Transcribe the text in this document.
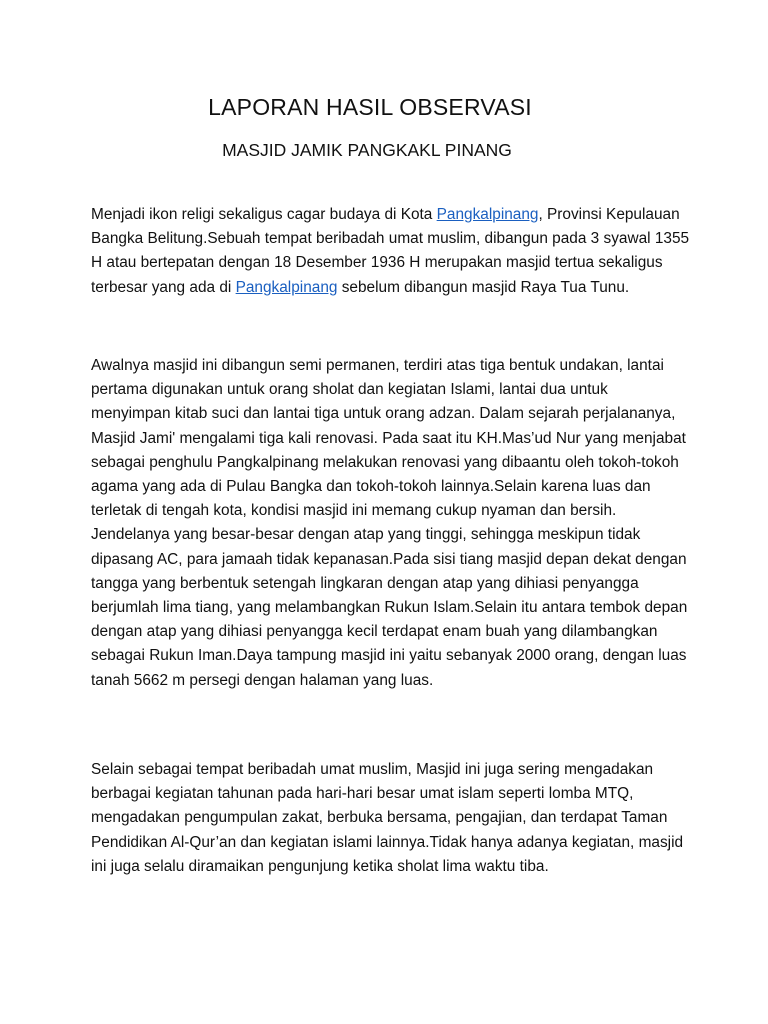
LAPORAN HASIL OBSERVASI
MASJID JAMIK PANGKAKL PINANG

Menjadi ikon religi sekaligus cagar budaya di Kota Pangkalpinang, Provinsi Kepulauan Bangka Belitung.Sebuah tempat beribadah umat muslim, dibangun pada 3 syawal 1355 H atau bertepatan dengan 18 Desember 1936 H merupakan masjid tertua sekaligus terbesar yang ada di Pangkalpinang sebelum dibangun masjid Raya Tua Tunu.

Awalnya masjid ini dibangun semi permanen, terdiri atas tiga bentuk undakan, lantai pertama digunakan untuk orang sholat dan kegiatan Islami, lantai dua untuk menyimpan kitab suci dan lantai tiga untuk orang adzan. Dalam sejarah perjalananya, Masjid Jami' mengalami tiga kali renovasi. Pada saat itu KH.Mas’ud Nur yang menjabat sebagai penghulu Pangkalpinang melakukan renovasi yang dibaantu oleh tokoh-tokoh agama yang ada di Pulau Bangka dan tokoh-tokoh lainnya.Selain karena luas dan terletak di tengah kota, kondisi masjid ini memang cukup nyaman dan bersih. Jendelanya yang besar-besar dengan atap yang tinggi, sehingga meskipun tidak dipasang AC, para jamaah tidak kepanasan.Pada sisi tiang masjid depan dekat dengan tangga yang berbentuk setengah lingkaran dengan atap yang dihiasi penyangga berjumlah lima tiang, yang melambangkan Rukun Islam.Selain itu antara tembok depan dengan atap yang dihiasi penyangga kecil terdapat enam buah yang dilambangkan sebagai Rukun Iman.Daya tampung masjid ini yaitu sebanyak 2000 orang, dengan luas tanah 5662 m persegi dengan halaman yang luas.

Selain sebagai tempat beribadah umat muslim, Masjid ini juga sering mengadakan berbagai kegiatan tahunan pada hari-hari besar umat islam seperti lomba MTQ, mengadakan pengumpulan zakat, berbuka bersama, pengajian, dan terdapat Taman Pendidikan Al-Qur’an dan kegiatan islami lainnya.Tidak hanya adanya kegiatan, masjid ini juga selalu diramaikan pengunjung ketika sholat lima waktu tiba.
